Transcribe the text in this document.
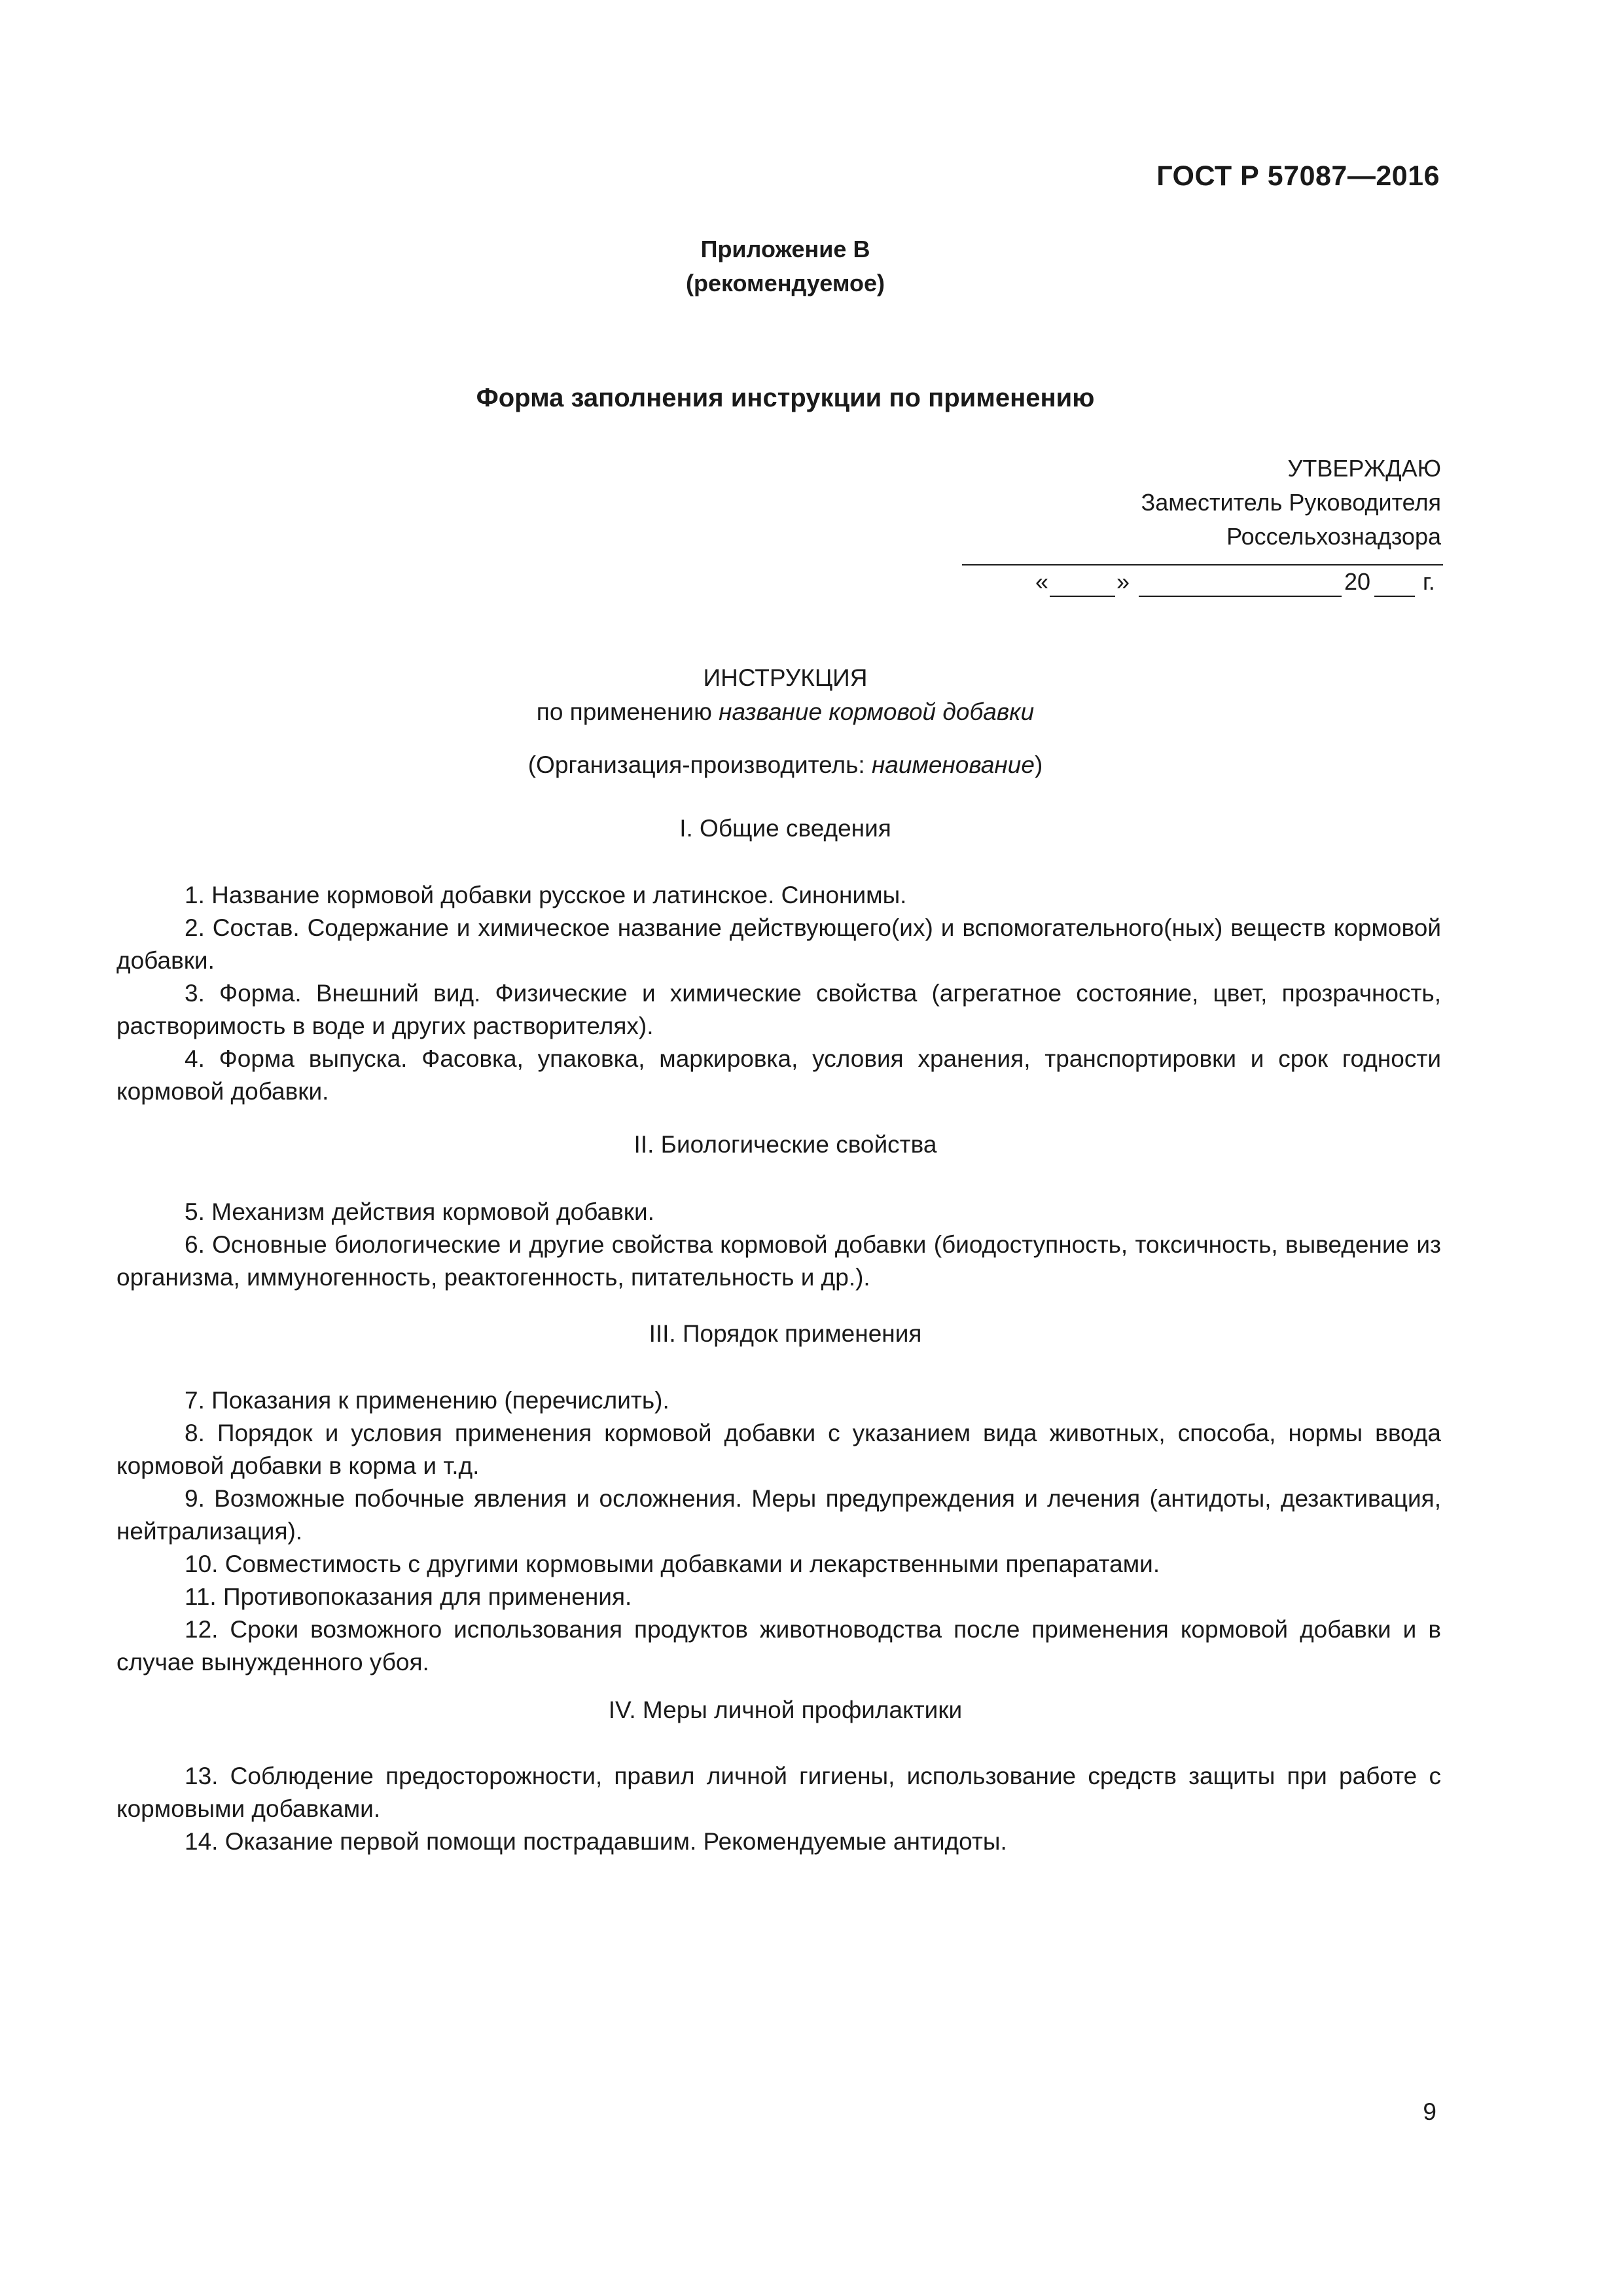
ГОСТ Р 57087—2016
Приложение В
(рекомендуемое)
Форма заполнения инструкции по применению
УТВЕРЖДАЮ
Заместитель Руководителя
Россельхознадзора
«	»	20 г.
ИНСТРУКЦИЯ
по применению название кормовой добавки
(Организация-производитель: наименование)
I. Общие сведения

1. Название кормовой добавки русское и латинское. Синонимы.

2. Состав. Содержание и химическое название действующего(их) и вспомогательного(ных) веществ кормовой добавки.

3. Форма. Внешний вид. Физические и химические свойства (агрегатное состояние, цвет, прозрачность, растворимость в воде и других растворителях).

4. Форма выпуска. Фасовка, упаковка, маркировка, условия хранения, транспортировки и срок годности кормовой добавки.

II. Биологические свойства

5. Механизм действия кормовой добавки.

6. Основные биологические и другие свойства кормовой добавки (биодоступность, токсичность, выведение из организма, иммуногенность, реактогенность, питательность и др.).

III. Порядок применения

7. Показания к применению (перечислить).

8. Порядок и условия применения кормовой добавки с указанием вида животных, способа, нормы ввода кормовой добавки в корма и т.д.

9. Возможные побочные явления и осложнения. Меры предупреждения и лечения (антидоты, дезактивация, нейтрализация).

10. Совместимость с другими кормовыми добавками и лекарственными препаратами.

11. Противопоказания для применения.

12. Сроки возможного использования продуктов животноводства после применения кормовой добавки и в случае вынужденного убоя.

IV. Меры личной профилактики

13. Соблюдение предосторожности, правил личной гигиены, использование средств защиты при работе с кормовыми добавками.

14. Оказание первой помощи пострадавшим. Рекомендуемые антидоты.

9
